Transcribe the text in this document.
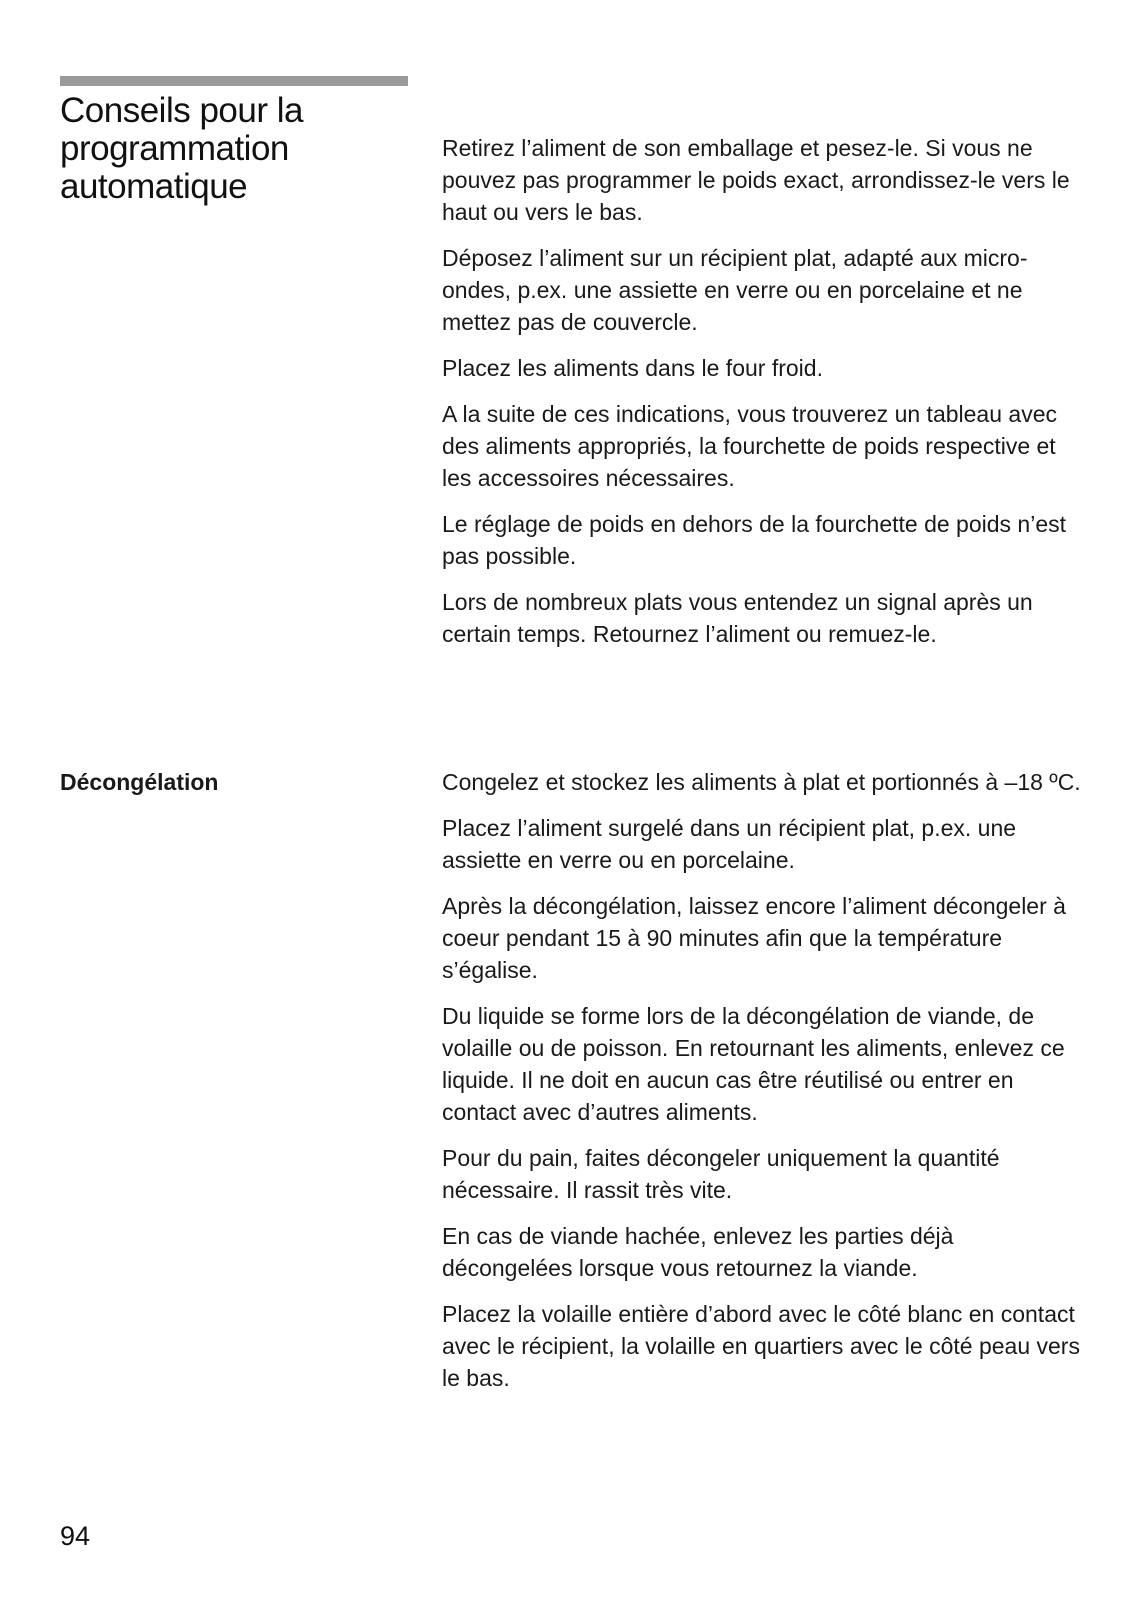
Conseils pour la programmation automatique

Retirez l’aliment de son emballage et pesez-le. Si vous ne pouvez pas programmer le poids exact, arrondissez-le vers le haut ou vers le bas.

Déposez l’aliment sur un récipient plat, adapté aux micro-ondes, p.ex. une assiette en verre ou en porcelaine et ne mettez pas de couvercle.

Placez les aliments dans le four froid.

A la suite de ces indications, vous trouverez un tableau avec des aliments appropriés, la fourchette de poids respective et les accessoires nécessaires.

Le réglage de poids en dehors de la fourchette de poids n’est pas possible.

Lors de nombreux plats vous entendez un signal après un certain temps. Retournez l’aliment ou remuez-le.

Décongélation	Congelez et stockez les aliments à plat et portionnés à –18 ºC.

Placez l’aliment surgelé dans un récipient plat, p.ex. une assiette en verre ou en porcelaine.

Après la décongélation, laissez encore l’aliment décongeler à coeur pendant 15 à 90 minutes afin que la température s’égalise.

Du liquide se forme lors de la décongélation de viande, de volaille ou de poisson. En retournant les aliments, enlevez ce liquide. Il ne doit en aucun cas être réutilisé ou entrer en contact avec d’autres aliments.

Pour du pain, faites décongeler uniquement la quantité nécessaire. Il rassit très vite.

En cas de viande hachée, enlevez les parties déjà décongelées lorsque vous retournez la viande.

Placez la volaille entière d’abord avec le côté blanc en contact avec le récipient, la volaille en quartiers avec le côté peau vers le bas.

94
